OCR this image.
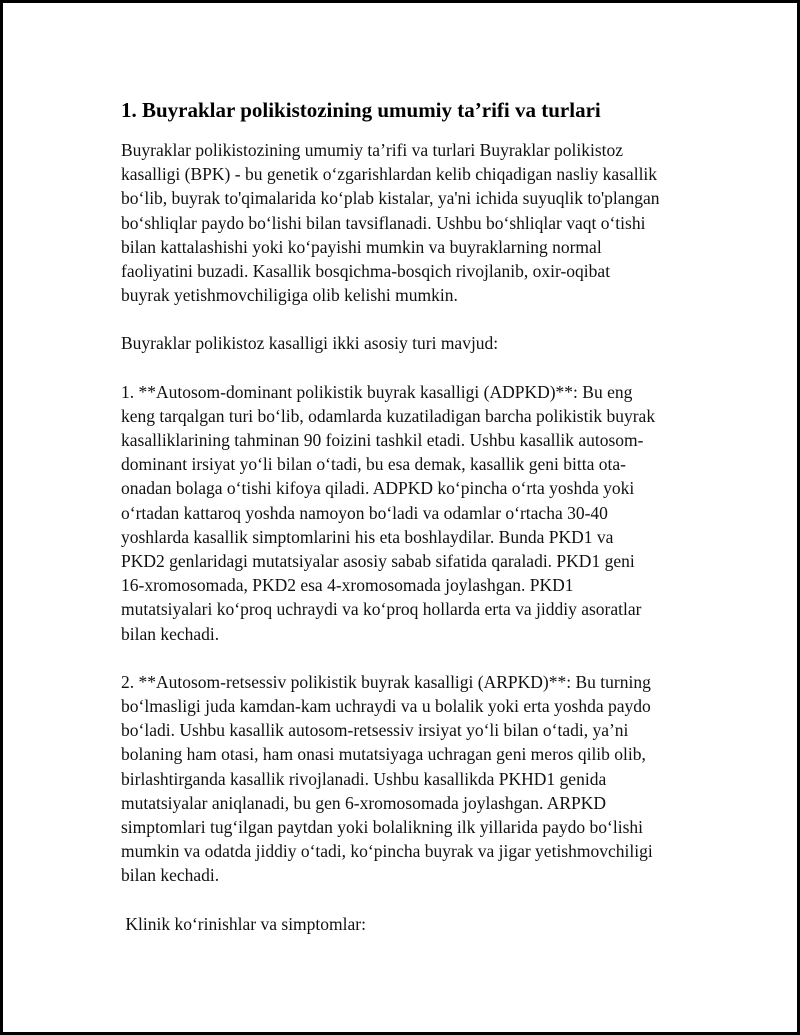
1. Buyraklar polikistozining umumiy ta’rifi va turlari

Buyraklar polikistozining umumiy ta’rifi va turlari Buyraklar polikistoz
kasalligi (BPK) - bu genetik o‘zgarishlardan kelib chiqadigan nasliy kasallik
bo‘lib, buyrak to'qimalarida ko‘plab kistalar, ya'ni ichida suyuqlik to'plangan
bo‘shliqlar paydo bo‘lishi bilan tavsiflanadi. Ushbu bo‘shliqlar vaqt o‘tishi
bilan kattalashishi yoki ko‘payishi mumkin va buyraklarning normal
faoliyatini buzadi. Kasallik bosqichma-bosqich rivojlanib, oxir-oqibat
buyrak yetishmovchiligiga olib kelishi mumkin.

Buyraklar polikistoz kasalligi ikki asosiy turi mavjud:

1. **Autosom-dominant polikistik buyrak kasalligi (ADPKD)**: Bu eng
keng tarqalgan turi bo‘lib, odamlarda kuzatiladigan barcha polikistik buyrak
kasalliklarining tahminan 90 foizini tashkil etadi. Ushbu kasallik autosom-
dominant irsiyat yo‘li bilan o‘tadi, bu esa demak, kasallik geni bitta ota-
onadan bolaga o‘tishi kifoya qiladi. ADPKD ko‘pincha o‘rta yoshda yoki
o‘rtadan kattaroq yoshda namoyon bo‘ladi va odamlar o‘rtacha 30-40
yoshlarda kasallik simptomlarini his eta boshlaydilar. Bunda PKD1 va
PKD2 genlaridagi mutatsiyalar asosiy sabab sifatida qaraladi. PKD1 geni
16-xromosomada, PKD2 esa 4-xromosomada joylashgan. PKD1
mutatsiyalari ko‘proq uchraydi va ko‘proq hollarda erta va jiddiy asoratlar
bilan kechadi.

2. **Autosom-retsessiv polikistik buyrak kasalligi (ARPKD)**: Bu turning
bo‘lmasligi juda kamdan-kam uchraydi va u bolalik yoki erta yoshda paydo
bo‘ladi. Ushbu kasallik autosom-retsessiv irsiyat yo‘li bilan o‘tadi, ya’ni
bolaning ham otasi, ham onasi mutatsiyaga uchragan geni meros qilib olib,
birlashtirganda kasallik rivojlanadi. Ushbu kasallikda PKHD1 genida
mutatsiyalar aniqlanadi, bu gen 6-xromosomada joylashgan. ARPKD
simptomlari tug‘ilgan paytdan yoki bolalikning ilk yillarida paydo bo‘lishi
mumkin va odatda jiddiy o‘tadi, ko‘pincha buyrak va jigar yetishmovchiligi
bilan kechadi.

Klinik ko‘rinishlar va simptomlar:
